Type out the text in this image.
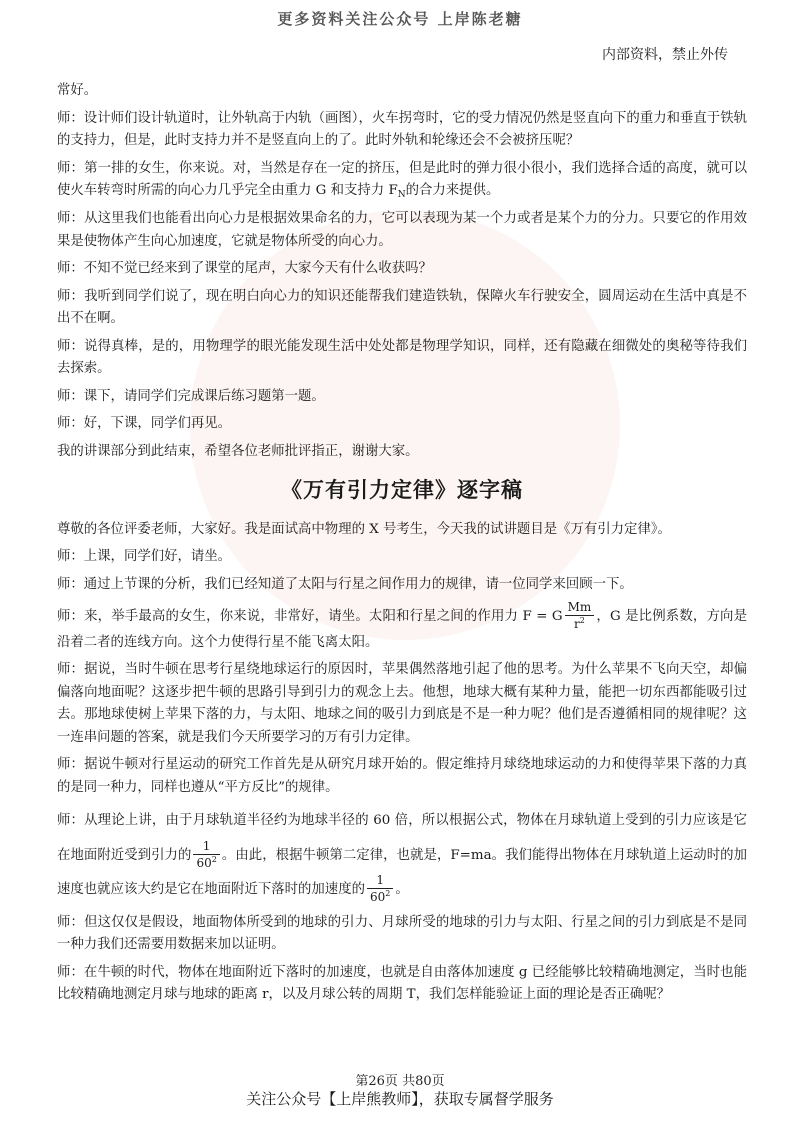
更多资料关注公众号 上岸陈老糖
内部资料，禁止外传

常好。

师：设计师们设计轨道时，让外轨高于内轨（画图），火车拐弯时，它的受力情况仍然是竖直向下的重力和垂直于铁轨的支持力，但是，此时支持力并不是竖直向上的了。此时外轨和轮缘还会不会被挤压呢？

师：第一排的女生，你来说。对，当然是存在一定的挤压，但是此时的弹力很小很小，我们选择合适的高度，就可以使火车转弯时所需的向心力几乎完全由重力 G 和支持力 $F_N$的合力来提供。

师：从这里我们也能看出向心力是根据效果命名的力，它可以表现为某一个力或者是某个力的分力。只要它的作用效果是使物体产生向心加速度，它就是物体所受的向心力。

师：不知不觉已经来到了课堂的尾声，大家今天有什么收获吗？

师：我听到同学们说了，现在明白向心力的知识还能帮我们建造铁轨，保障火车行驶安全，圆周运动在生活中真是不出不在啊。

师：说得真棒，是的，用物理学的眼光能发现生活中处处都是物理学知识，同样，还有隐藏在细微处的奥秘等待我们去探索。

师：课下，请同学们完成课后练习题第一题。

师：好，下课，同学们再见。

我的讲课部分到此结束，希望各位老师批评指正，谢谢大家。

《万有引力定律》逐字稿

尊敬的各位评委老师，大家好。我是面试高中物理的 X 号考生，今天我的试讲题目是《万有引力定律》。

师：上课，同学们好，请坐。

师：通过上节课的分析，我们已经知道了太阳与行星之间作用力的规律，请一位同学来回顾一下。

师：来，举手最高的女生，你来说，非常好，请坐。太阳和行星之间的作用力 F = G $\frac{Mm}{r^2}$ ，G 是比例系数，方向是沿着二者的连线方向。这个力使得行星不能飞离太阳。

师：据说，当时牛顿在思考行星绕地球运行的原因时，苹果偶然落地引起了他的思考。为什么苹果不飞向天空，却偏偏落向地面呢？这逐步把牛顿的思路引导到引力的观念上去。他想，地球大概有某种力量，能把一切东西都能吸引过去。那地球使树上苹果下落的力，与太阳、地球之间的吸引力到底是不是一种力呢？他们是否遵循相同的规律呢？这一连串问题的答案，就是我们今天所要学习的万有引力定律。

师：据说牛顿对行星运动的研究工作首先是从研究月球开始的。假定维持月球绕地球运动的力和使得苹果下落的力真的是同一种力，同样也遵从“平方反比”的规律。

师：从理论上讲，由于月球轨道半径约为地球半径的 60 倍，所以根据公式，物体在月球轨道上受到的引力应该是它在地面附近受到引力的 $\frac{1}{60^2}$ 。由此，根据牛顿第二定律，也就是，F=ma。我们能得出物体在月球轨道上运动时的加速度也就应该大约是它在地面附近下落时的加速度的 $\frac{1}{60^2}$ 。

师：但这仅仅是假设，地面物体所受到的地球的引力、月球所受的地球的引力与太阳、行星之间的引力到底是不是同一种力我们还需要用数据来加以证明。

师：在牛顿的时代，物体在地面附近下落时的加速度，也就是自由落体加速度 g 已经能够比较精确地测定，当时也能比较精确地测定月球与地球的距离 r，以及月球公转的周期 T，我们怎样能验证上面的理论是否正确呢？

第26页 共80页
关注公众号【上岸熊教师】，获取专属督学服务
